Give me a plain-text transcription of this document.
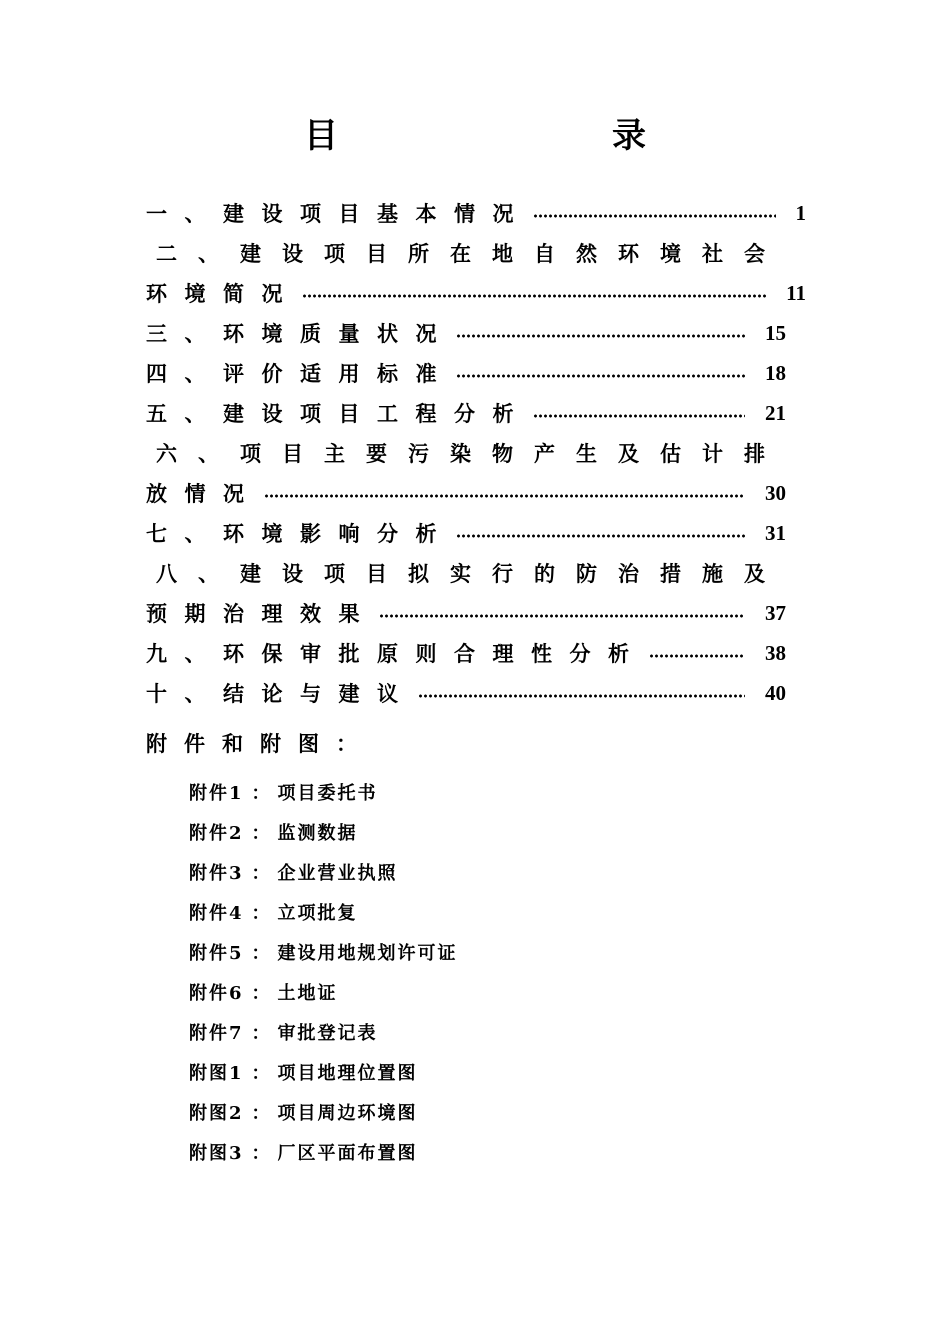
目　录
一、建设项目基本情况	1
二、建设项目所在地自然环境社会
环境简况	11
三、环境质量状况	15
四、评价适用标准	18
五、建设项目工程分析	21
六、项目主要污染物产生及估计排
放情况	30
七、环境影响分析	31
八、建设项目拟实行的防治措施及
预期治理效果	37
九、环保审批原则合理性分析	38
十、结论与建议	40
附件和附图：
附件1 ： 项目委托书
附件2 ： 监测数据
附件3 ： 企业营业执照
附件4 ： 立项批复
附件5 ： 建设用地规划许可证
附件6 ： 土地证
附件7 ： 审批登记表
附图1 ： 项目地理位置图
附图2 ： 项目周边环境图
附图3 ： 厂区平面布置图
